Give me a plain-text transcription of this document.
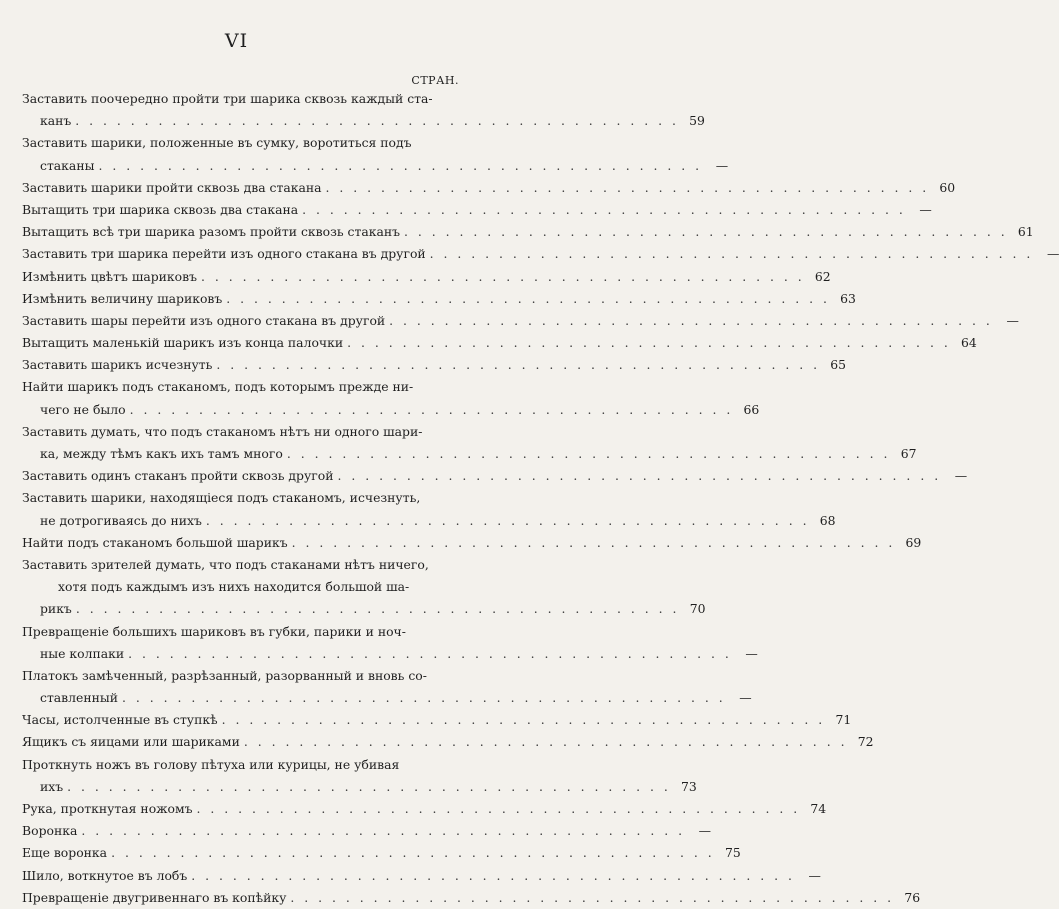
VI
СТРАН.
Заставить поочередно пройти три шарика сквозь каждый ста-
канъ . . . . . . . . . . . . . . . . . . . . . . . . . . . . . . . . . . . . . . . . . . . . 59
Заставить шарики, положенные въ сумку, воротиться подъ
стаканы . . . . . . . . . . . . . . . . . . . . . . . . . . . . . . . . . . . . . . . . . . . .	—
Заставить шарики пройти сквозь два стакана . . . . . . . . . . . . . . . . . . . . . . . . . . . . . . . . . . . . . . . . . . . . 60
Вытащить три шарика сквозь два стакана . . . . . . . . . . . . . . . . . . . . . . . . . . . . . . . . . . . . . . . . . . . .	—
Вытащить всѣ три шарика разомъ пройти сквозь стаканъ . . . . . . . . . . . . . . . . . . . . . . . . . . . . . . . . . . . . . . . . . . . . 61
Заставить три шарика перейти изъ одного стакана въ другой . . . . . . . . . . . . . . . . . . . . . . . . . . . . . . . . . . . . . . . . . . . .	—
Измѣнить цвѣтъ шариковъ . . . . . . . . . . . . . . . . . . . . . . . . . . . . . . . . . . . . . . . . . . . . 62
Измѣнить величину шариковъ . . . . . . . . . . . . . . . . . . . . . . . . . . . . . . . . . . . . . . . . . . . . 63
Заставить шары перейти изъ одного стакана въ другой . . . . . . . . . . . . . . . . . . . . . . . . . . . . . . . . . . . . . . . . . . . .	—
Вытащить маленькій шарикъ изъ конца палочки . . . . . . . . . . . . . . . . . . . . . . . . . . . . . . . . . . . . . . . . . . . . 64
Заставить шарикъ исчезнуть . . . . . . . . . . . . . . . . . . . . . . . . . . . . . . . . . . . . . . . . . . . . 65
Найти шарикъ подъ стаканомъ, подъ которымъ прежде ни-
чего не было . . . . . . . . . . . . . . . . . . . . . . . . . . . . . . . . . . . . . . . . . . . . 66
Заставить думать, что подъ стаканомъ нѣтъ ни одного шари-
ка, между тѣмъ какъ ихъ тамъ много . . . . . . . . . . . . . . . . . . . . . . . . . . . . . . . . . . . . . . . . . . . . 67
Заставить одинъ стаканъ пройти сквозь другой . . . . . . . . . . . . . . . . . . . . . . . . . . . . . . . . . . . . . . . . . . . .	—
Заставить шарики, находящіеся подъ стаканомъ, исчезнуть,
не дотрогиваясь до нихъ . . . . . . . . . . . . . . . . . . . . . . . . . . . . . . . . . . . . . . . . . . . . 68
Найти подъ стаканомъ большой шарикъ . . . . . . . . . . . . . . . . . . . . . . . . . . . . . . . . . . . . . . . . . . . . 69
Заставить зрителей думать, что подъ стаканами нѣтъ ничего,
хотя подъ каждымъ изъ нихъ находится большой ша-
рикъ . . . . . . . . . . . . . . . . . . . . . . . . . . . . . . . . . . . . . . . . . . . . 70
Превращеніе большихъ шариковъ въ губки, парики и ноч-
ные колпаки . . . . . . . . . . . . . . . . . . . . . . . . . . . . . . . . . . . . . . . . . . . .	—
Платокъ замѣченный, разрѣзанный, разорванный и вновь со-
ставленный . . . . . . . . . . . . . . . . . . . . . . . . . . . . . . . . . . . . . . . . . . . .	—
Часы, истолченные въ ступкѣ . . . . . . . . . . . . . . . . . . . . . . . . . . . . . . . . . . . . . . . . . . . . 71
Ящикъ съ яицами или шариками . . . . . . . . . . . . . . . . . . . . . . . . . . . . . . . . . . . . . . . . . . . . 72
Проткнуть ножъ въ голову пѣтуха или курицы, не убивая
ихъ . . . . . . . . . . . . . . . . . . . . . . . . . . . . . . . . . . . . . . . . . . . . 73
Рука, проткнутая ножомъ . . . . . . . . . . . . . . . . . . . . . . . . . . . . . . . . . . . . . . . . . . . . 74
Воронка . . . . . . . . . . . . . . . . . . . . . . . . . . . . . . . . . . . . . . . . . . . .	—
Еще воронка . . . . . . . . . . . . . . . . . . . . . . . . . . . . . . . . . . . . . . . . . . . . 75
Шило, воткнутое въ лобъ . . . . . . . . . . . . . . . . . . . . . . . . . . . . . . . . . . . . . . . . . . . .	—
Превращеніе двугривеннаго въ копѣйку . . . . . . . . . . . . . . . . . . . . . . . . . . . . . . . . . . . . . . . . . . . . 76
